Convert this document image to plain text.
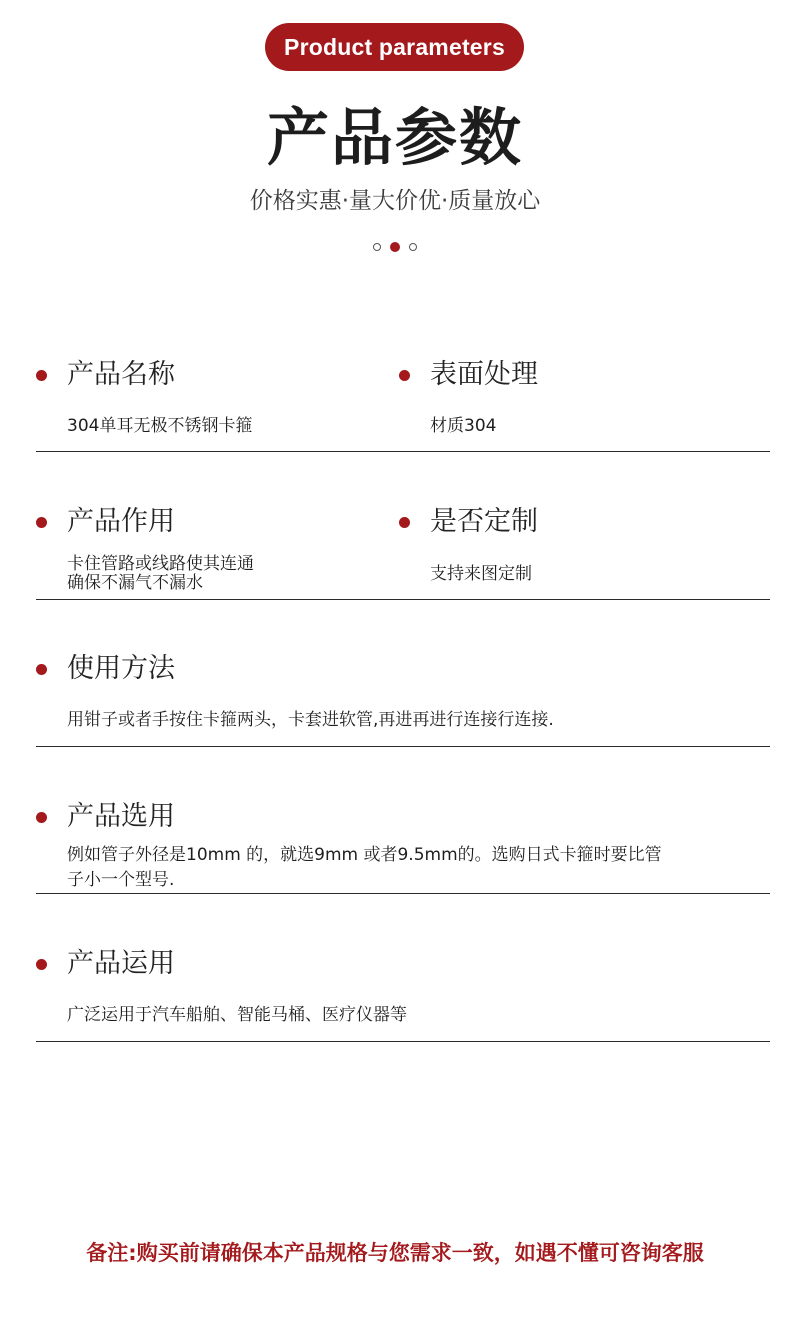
Product parameters
产品参数
价格实惠·量大价优·质量放心
产品名称
304单耳无极不锈钢卡箍
表面处理
材质304
产品作用
卡住管路或线路使其连通
确保不漏气不漏水
是否定制
支持来图定制
使用方法
用钳子或者手按住卡箍两头，卡套进软管,再进再进行连接行连接.
产品选用
例如管子外径是10mm 的，就选9mm 或者9.5mm的。选购日式卡箍时要比管
子小一个型号.
产品运用
广泛运用于汽车船舶、智能马桶、医疗仪器等
备注:购买前请确保本产品规格与您需求一致，如遇不懂可咨询客服
